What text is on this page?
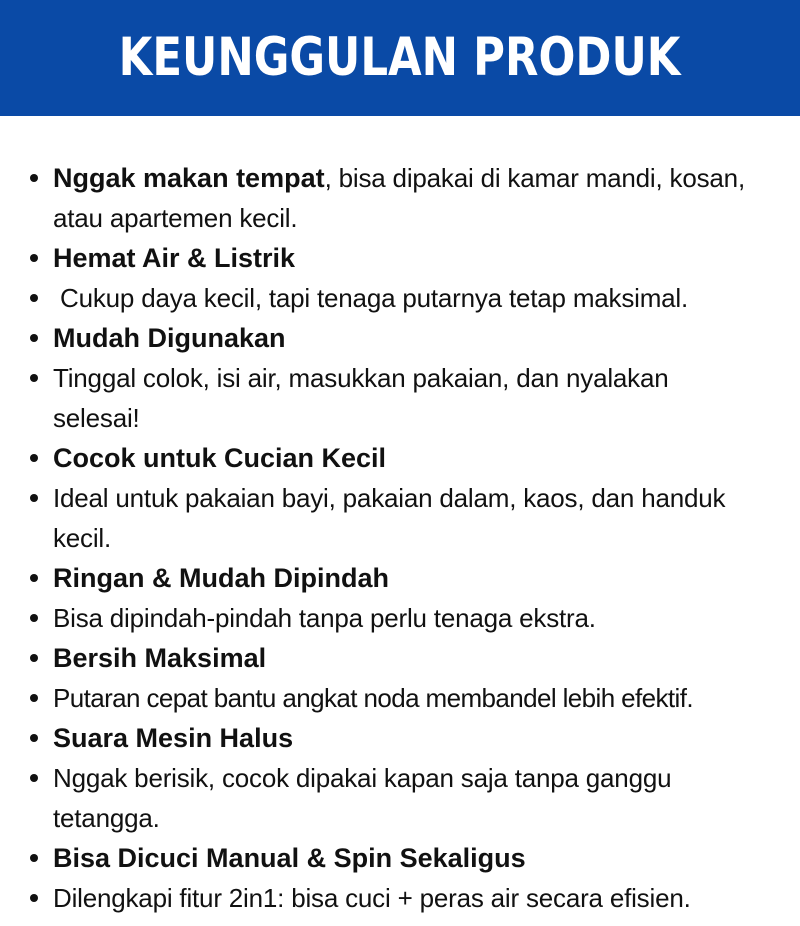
KEUNGGULAN PRODUK
Nggak makan tempat, bisa dipakai di kamar mandi, kosan, atau apartemen kecil.
Hemat Air & Listrik
Cukup daya kecil, tapi tenaga putarnya tetap maksimal.
Mudah Digunakan
Tinggal colok, isi air, masukkan pakaian, dan nyalakan selesai!
Cocok untuk Cucian Kecil
Ideal untuk pakaian bayi, pakaian dalam, kaos, dan handuk kecil.
Ringan & Mudah Dipindah
Bisa dipindah-pindah tanpa perlu tenaga ekstra.
Bersih Maksimal
Putaran cepat bantu angkat noda membandel lebih efektif.
Suara Mesin Halus
Nggak berisik, cocok dipakai kapan saja tanpa ganggu tetangga.
Bisa Dicuci Manual & Spin Sekaligus
Dilengkapi fitur 2in1: bisa cuci + peras air secara efisien.
